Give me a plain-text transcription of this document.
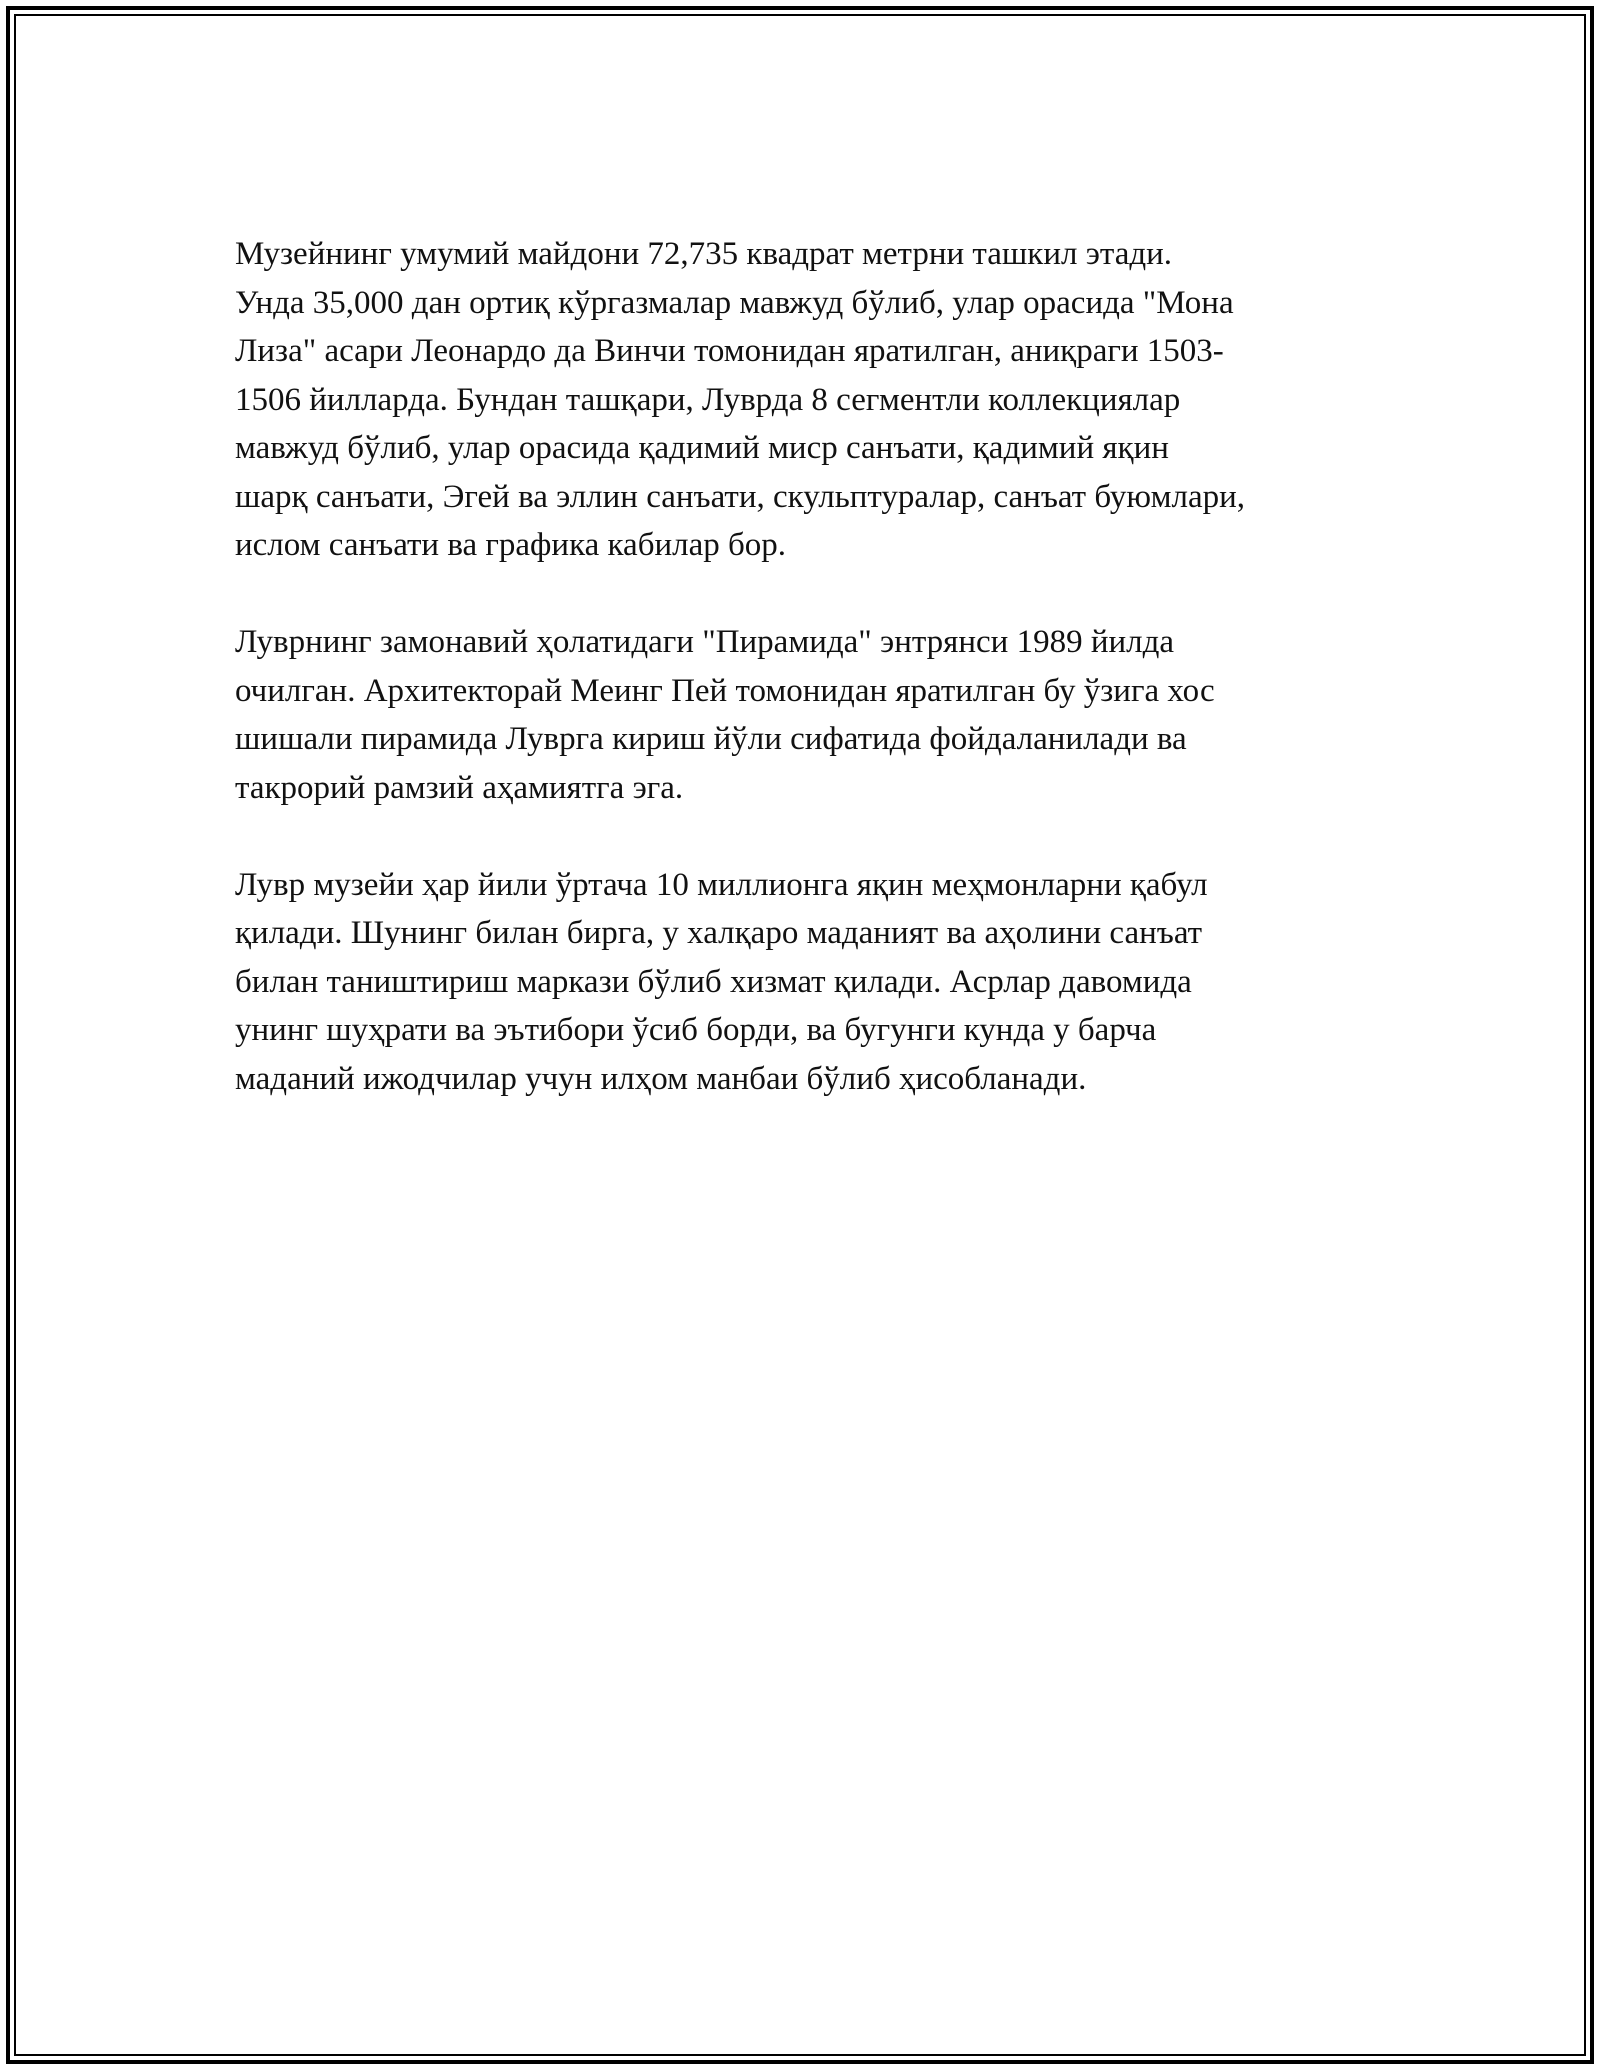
Музейнинг умумий майдони 72,735 квадрат метрни ташкил этади.
Унда 35,000 дан ортиқ кўргазмалар мавжуд бўлиб, улар орасида "Мона
Лиза" асари Леонардо да Винчи томонидан яратилган, аниқраги 1503-
1506 йилларда. Бундан ташқари, Луврда 8 сегментли коллекциялар
мавжуд бўлиб, улар орасида қадимий миср санъати, қадимий яқин
шарқ санъати, Эгей ва эллин санъати, скульптуралар, санъат буюмлари,
ислом санъати ва графика кабилар бор.

Луврнинг замонавий ҳолатидаги "Пирамида" энтрянси 1989 йилда
очилган. Архитекторай Меинг Пей томонидан яратилган бу ўзига хос
шишали пирамида Луврга кириш йўли сифатида фойдаланилади ва
такрорий рамзий аҳамиятга эга.

Лувр музейи ҳар йили ўртача 10 миллионга яқин меҳмонларни қабул
қилади. Шунинг билан бирга, у халқаро маданият ва аҳолини санъат
билан таништириш маркази бўлиб хизмат қилади. Асрлар давомида
унинг шуҳрати ва эътибори ўсиб борди, ва бугунги кунда у барча
маданий ижодчилар учун илҳом манбаи бўлиб ҳисобланади.
